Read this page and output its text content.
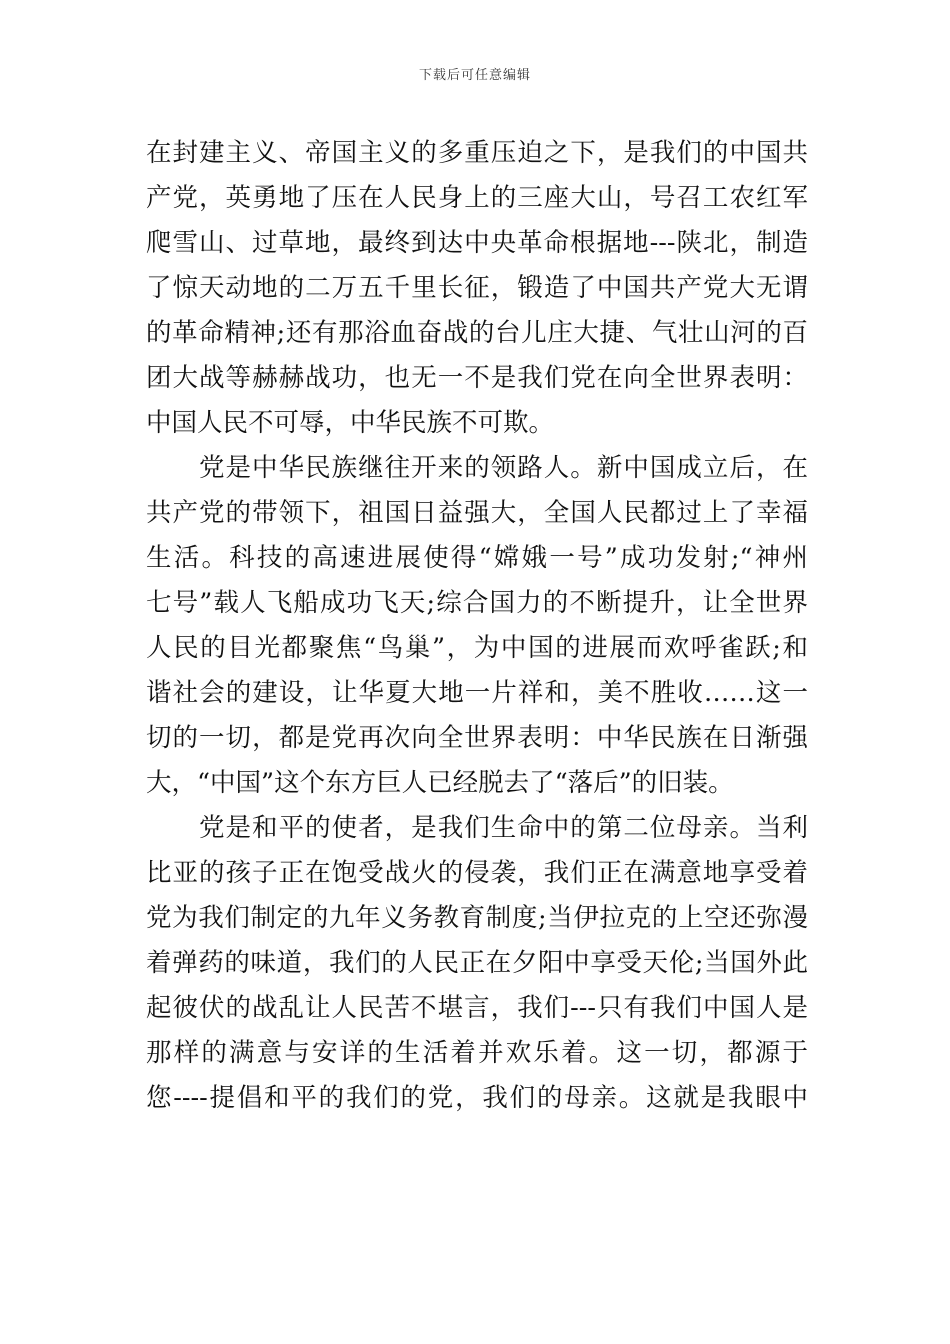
下载后可任意编辑
在封建主义、帝国主义的多重压迫之下，是我们的中国共
产党，英勇地了压在人民身上的三座大山，号召工农红军
爬雪山、过草地，最终到达中央革命根据地---陕北，制造
了惊天动地的二万五千里长征，锻造了中国共产党大无谓
的革命精神;还有那浴血奋战的台儿庄大捷、气壮山河的百
团大战等赫赫战功，也无一不是我们党在向全世界表明：
中国人民不可辱，中华民族不可欺。
党是中华民族继往开来的领路人。新中国成立后，在
共产党的带领下，祖国日益强大，全国人民都过上了幸福
生活。科技的高速进展使得“嫦娥一号”成功发射;“神州
七号”载人飞船成功飞天;综合国力的不断提升，让全世界
人民的目光都聚焦“鸟巢”，为中国的进展而欢呼雀跃;和
谐社会的建设，让华夏大地一片祥和，美不胜收……这一
切的一切，都是党再次向全世界表明：中华民族在日渐强
大，“中国”这个东方巨人已经脱去了“落后”的旧装。
党是和平的使者，是我们生命中的第二位母亲。当利
比亚的孩子正在饱受战火的侵袭，我们正在满意地享受着
党为我们制定的九年义务教育制度;当伊拉克的上空还弥漫
着弹药的味道，我们的人民正在夕阳中享受天伦;当国外此
起彼伏的战乱让人民苦不堪言，我们---只有我们中国人是
那样的满意与安详的生活着并欢乐着。这一切，都源于
您----提倡和平的我们的党，我们的母亲。这就是我眼中
